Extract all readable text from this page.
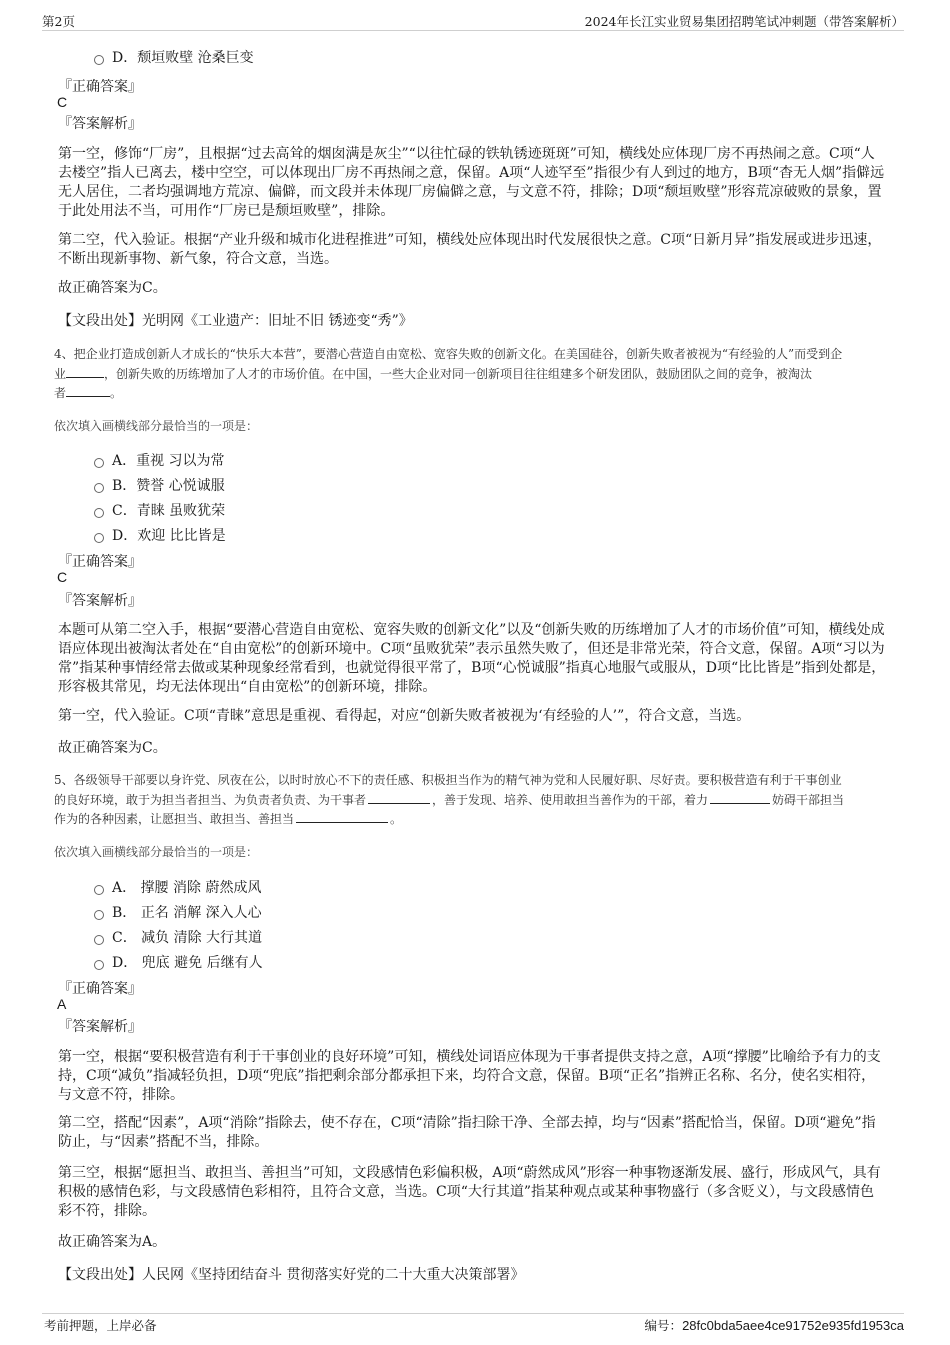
第2页	2024年长江实业贸易集团招聘笔试冲刺题（带答案解析）
D．颓垣败壁 沧桑巨变
『正确答案』
C
『答案解析』
第一空，修饰“厂房”，且根据“过去高耸的烟囱满是灰尘”“以往忙碌的铁轨锈迹斑斑”可知，横线处应体现厂房不再热闹之意。C项“人去楼空”指人已离去，楼中空空，可以体现出厂房不再热闹之意，保留。A项“人迹罕至”指很少有人到过的地方，B项“杳无人烟”指僻远无人居住，二者均强调地方荒凉、偏僻，而文段并未体现厂房偏僻之意，与文意不符，排除；D项“颓垣败壁”形容荒凉破败的景象，置于此处用法不当，可用作“厂房已是颓垣败壁”，排除。
第二空，代入验证。根据“产业升级和城市化进程推进”可知，横线处应体现出时代发展很快之意。C项“日新月异”指发展或进步迅速，不断出现新事物、新气象，符合文意，当选。
故正确答案为C。
【文段出处】光明网《工业遗产：旧址不旧 锈迹变“秀”》
4、把企业打造成创新人才成长的“快乐大本营”，要潜心营造自由宽松、宽容失败的创新文化。在美国硅谷，创新失败者被视为“有经验的人”而受到企
业	，创新失败的历练增加了人才的市场价值。在中国，一些大企业对同一创新项目往往组建多个研发团队，鼓励团队之间的竞争，被淘汰
者	。
依次填入画横线部分最恰当的一项是：
A．重视 习以为常
B．赞誉 心悦诚服
C．青睐 虽败犹荣
D．欢迎 比比皆是
『正确答案』
C
『答案解析』
本题可从第二空入手，根据“要潜心营造自由宽松、宽容失败的创新文化”以及“创新失败的历练增加了人才的市场价值”可知，横线处成语应体现出被淘汰者处在“自由宽松”的创新环境中。C项“虽败犹荣”表示虽然失败了，但还是非常光荣，符合文意，保留。A项“习以为常”指某种事情经常去做或某种现象经常看到，也就觉得很平常了，B项“心悦诚服”指真心地服气或服从，D项“比比皆是”指到处都是，形容极其常见，均无法体现出“自由宽松”的创新环境，排除。
第一空，代入验证。C项“青睐”意思是重视、看得起，对应“创新失败者被视为‘有经验的人’”，符合文意，当选。
故正确答案为C。
5、各级领导干部要以身许党、夙夜在公，以时时放心不下的责任感、积极担当作为的精气神为党和人民履好职、尽好责。要积极营造有利于干事创业
的良好环境，敢于为担当者担当、为负责者负责、为干事者	，善于发现、培养、使用敢担当善作为的干部，着力	妨碍干部担当
作为的各种因素，让愿担当、敢担当、善担当	。
依次填入画横线部分最恰当的一项是：
A． 撑腰 消除 蔚然成风
B． 正名 消解 深入人心
C． 减负 清除 大行其道
D． 兜底 避免 后继有人
『正确答案』
A
『答案解析』
第一空，根据“要积极营造有利于干事创业的良好环境”可知，横线处词语应体现为干事者提供支持之意，A项“撑腰”比喻给予有力的支持，C项“减负”指减轻负担，D项“兜底”指把剩余部分都承担下来，均符合文意，保留。B项“正名”指辨正名称、名分，使名实相符，与文意不符，排除。
第二空，搭配“因素”，A项“消除”指除去，使不存在，C项“清除”指扫除干净、全部去掉，均与“因素”搭配恰当，保留。D项“避免”指防止，与“因素”搭配不当，排除。
第三空，根据“愿担当、敢担当、善担当”可知，文段感情色彩偏积极，A项“蔚然成风”形容一种事物逐渐发展、盛行，形成风气，具有积极的感情色彩，与文段感情色彩相符，且符合文意，当选。C项“大行其道”指某种观点或某种事物盛行（多含贬义），与文段感情色彩不符，排除。
故正确答案为A。
【文段出处】人民网《坚持团结奋斗 贯彻落实好党的二十大重大决策部署》
考前押题，上岸必备	编号：28fc0bda5aee4ce91752e935fd1953ca
